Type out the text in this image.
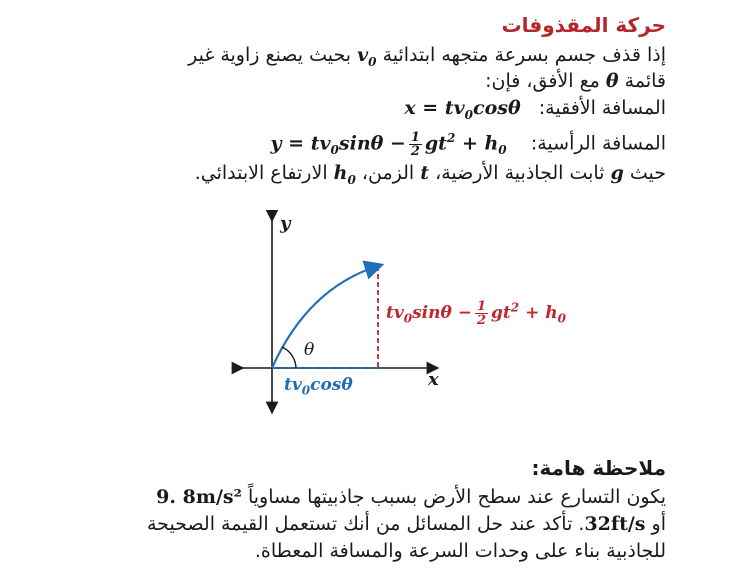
حركة المقذوفات
إذا قذف جسم بسرعة متجهه ابتدائية $v_0$ بحيث يصنع زاوية غير
قائمة θ مع الأفق، فإن:
المسافة الأفقية:   $x = tv_0\cos\theta$
المسافة الرأسية:    $y = tv_0\sin\theta - \frac{1}{2} gt^2 + h_0$
حيث g ثابت الجاذبية الأرضية، t الزمن، $h_0$ الارتفاع الابتدائي.
y
x
θ
$tv_0\cos\theta$
$tv_0\sin\theta - \frac{1}{2} gt^2 + h_0$
ملاحظة هامة:
يكون التسارع عند سطح الأرض بسبب جاذبيتها مساوياً 9. 8m/s²
أو 32ft/s. تأكد عند حل المسائل من أنك تستعمل القيمة الصحيحة
للجاذبية بناء على وحدات السرعة والمسافة المعطاة.
